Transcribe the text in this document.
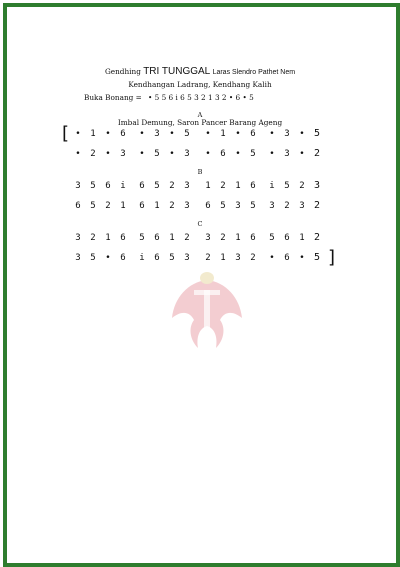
Gendhing TRI TUNGGAL Laras Slendro Pathet Nem
Kendhangan Ladrang, Kendhang Kalih
Buka Bonang = • 5 5 6 i 6 5 3 2 1 3 2 • 6 • 5
A
Imbal Demung, Saron Pancer Barang Ageng
[ •	1	•	6	•	3	•	5	•	1	•	6	•	3	• 5
•	2	•	3	•	5	•	3	•	6	•	5	•	3	• 2
B
3	5	6	i	6	5	2	3	1	2	1	6	i	5	2 3
6	5	2	1	6	1	2	3	6	5	3	5	3	2	3 2
C
3	2	1	6	5	6	1	2	3	2	1	6	5	6	1 2
3	5	•	6	i	6	5	3	2	1	3	2	•	6	• 5 ]
